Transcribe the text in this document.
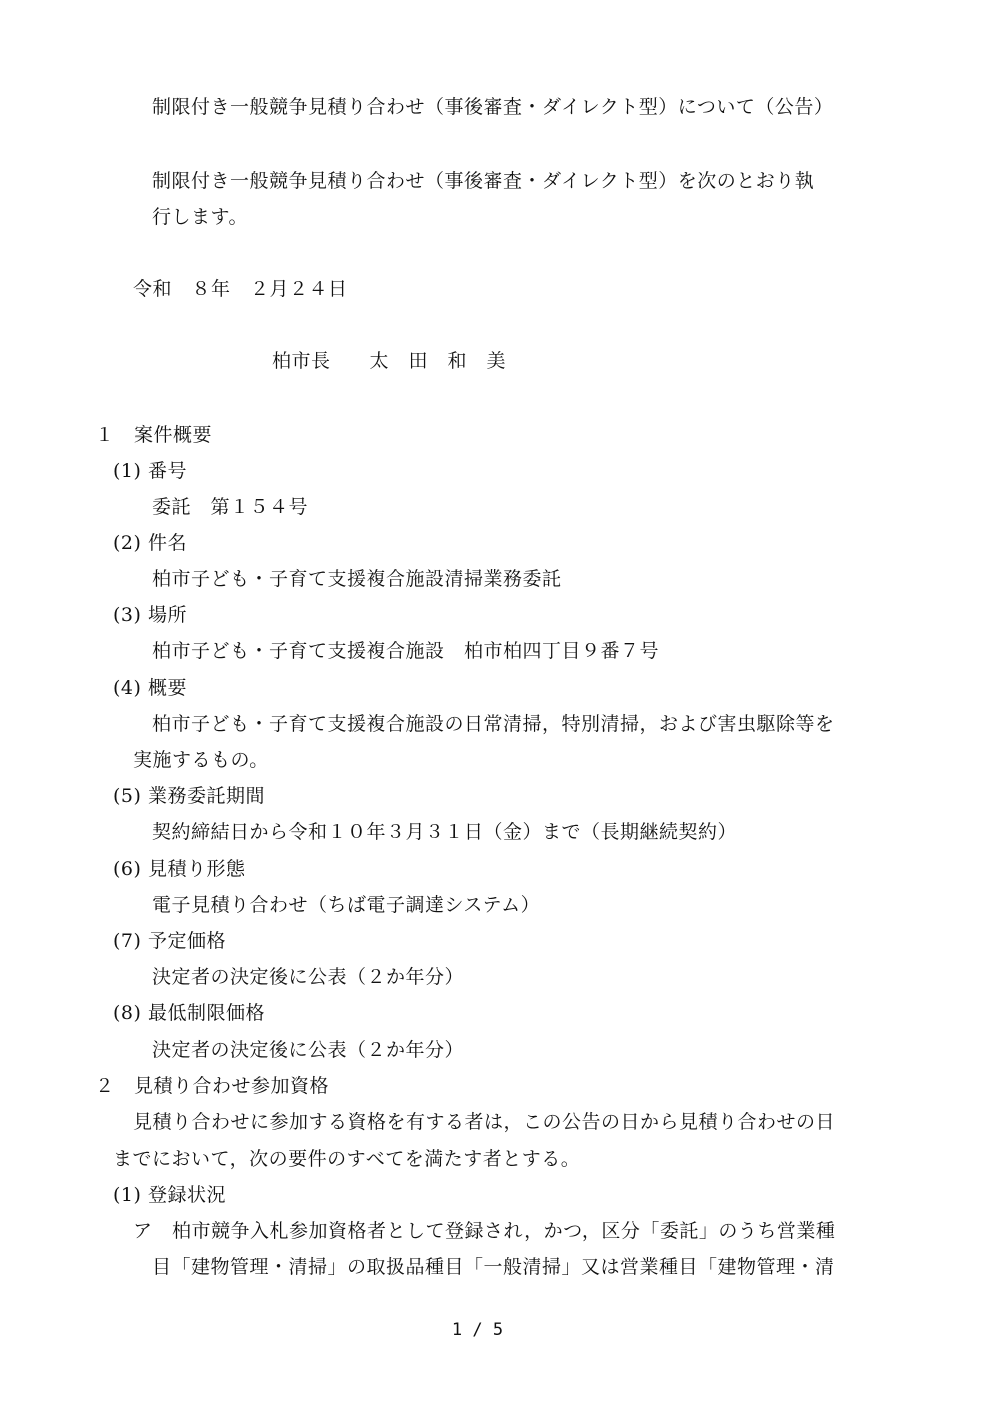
制限付き一般競争見積り合わせ（事後審査・ダイレクト型）について（公告）
制限付き一般競争見積り合わせ（事後審査・ダイレクト型）を次のとおり執
行します。
令和　８年　２月２４日
柏市長　　太　田　和　美
１　案件概要
(1) 番号
委託　第１５４号
(2) 件名
柏市子ども・子育て支援複合施設清掃業務委託
(3) 場所
柏市子ども・子育て支援複合施設　柏市柏四丁目９番７号
(4) 概要
柏市子ども・子育て支援複合施設の日常清掃，特別清掃，および害虫駆除等を
実施するもの。
(5) 業務委託期間
契約締結日から令和１０年３月３１日（金）まで（長期継続契約）
(6) 見積り形態
電子見積り合わせ（ちば電子調達システム）
(7) 予定価格
決定者の決定後に公表（２か年分）
(8) 最低制限価格
決定者の決定後に公表（２か年分）
２　見積り合わせ参加資格
見積り合わせに参加する資格を有する者は，この公告の日から見積り合わせの日
までにおいて，次の要件のすべてを満たす者とする。
(1) 登録状況
ア　柏市競争入札参加資格者として登録され，かつ，区分「委託」のうち営業種
目「建物管理・清掃」の取扱品種目「一般清掃」又は営業種目「建物管理・清
1 / 5
